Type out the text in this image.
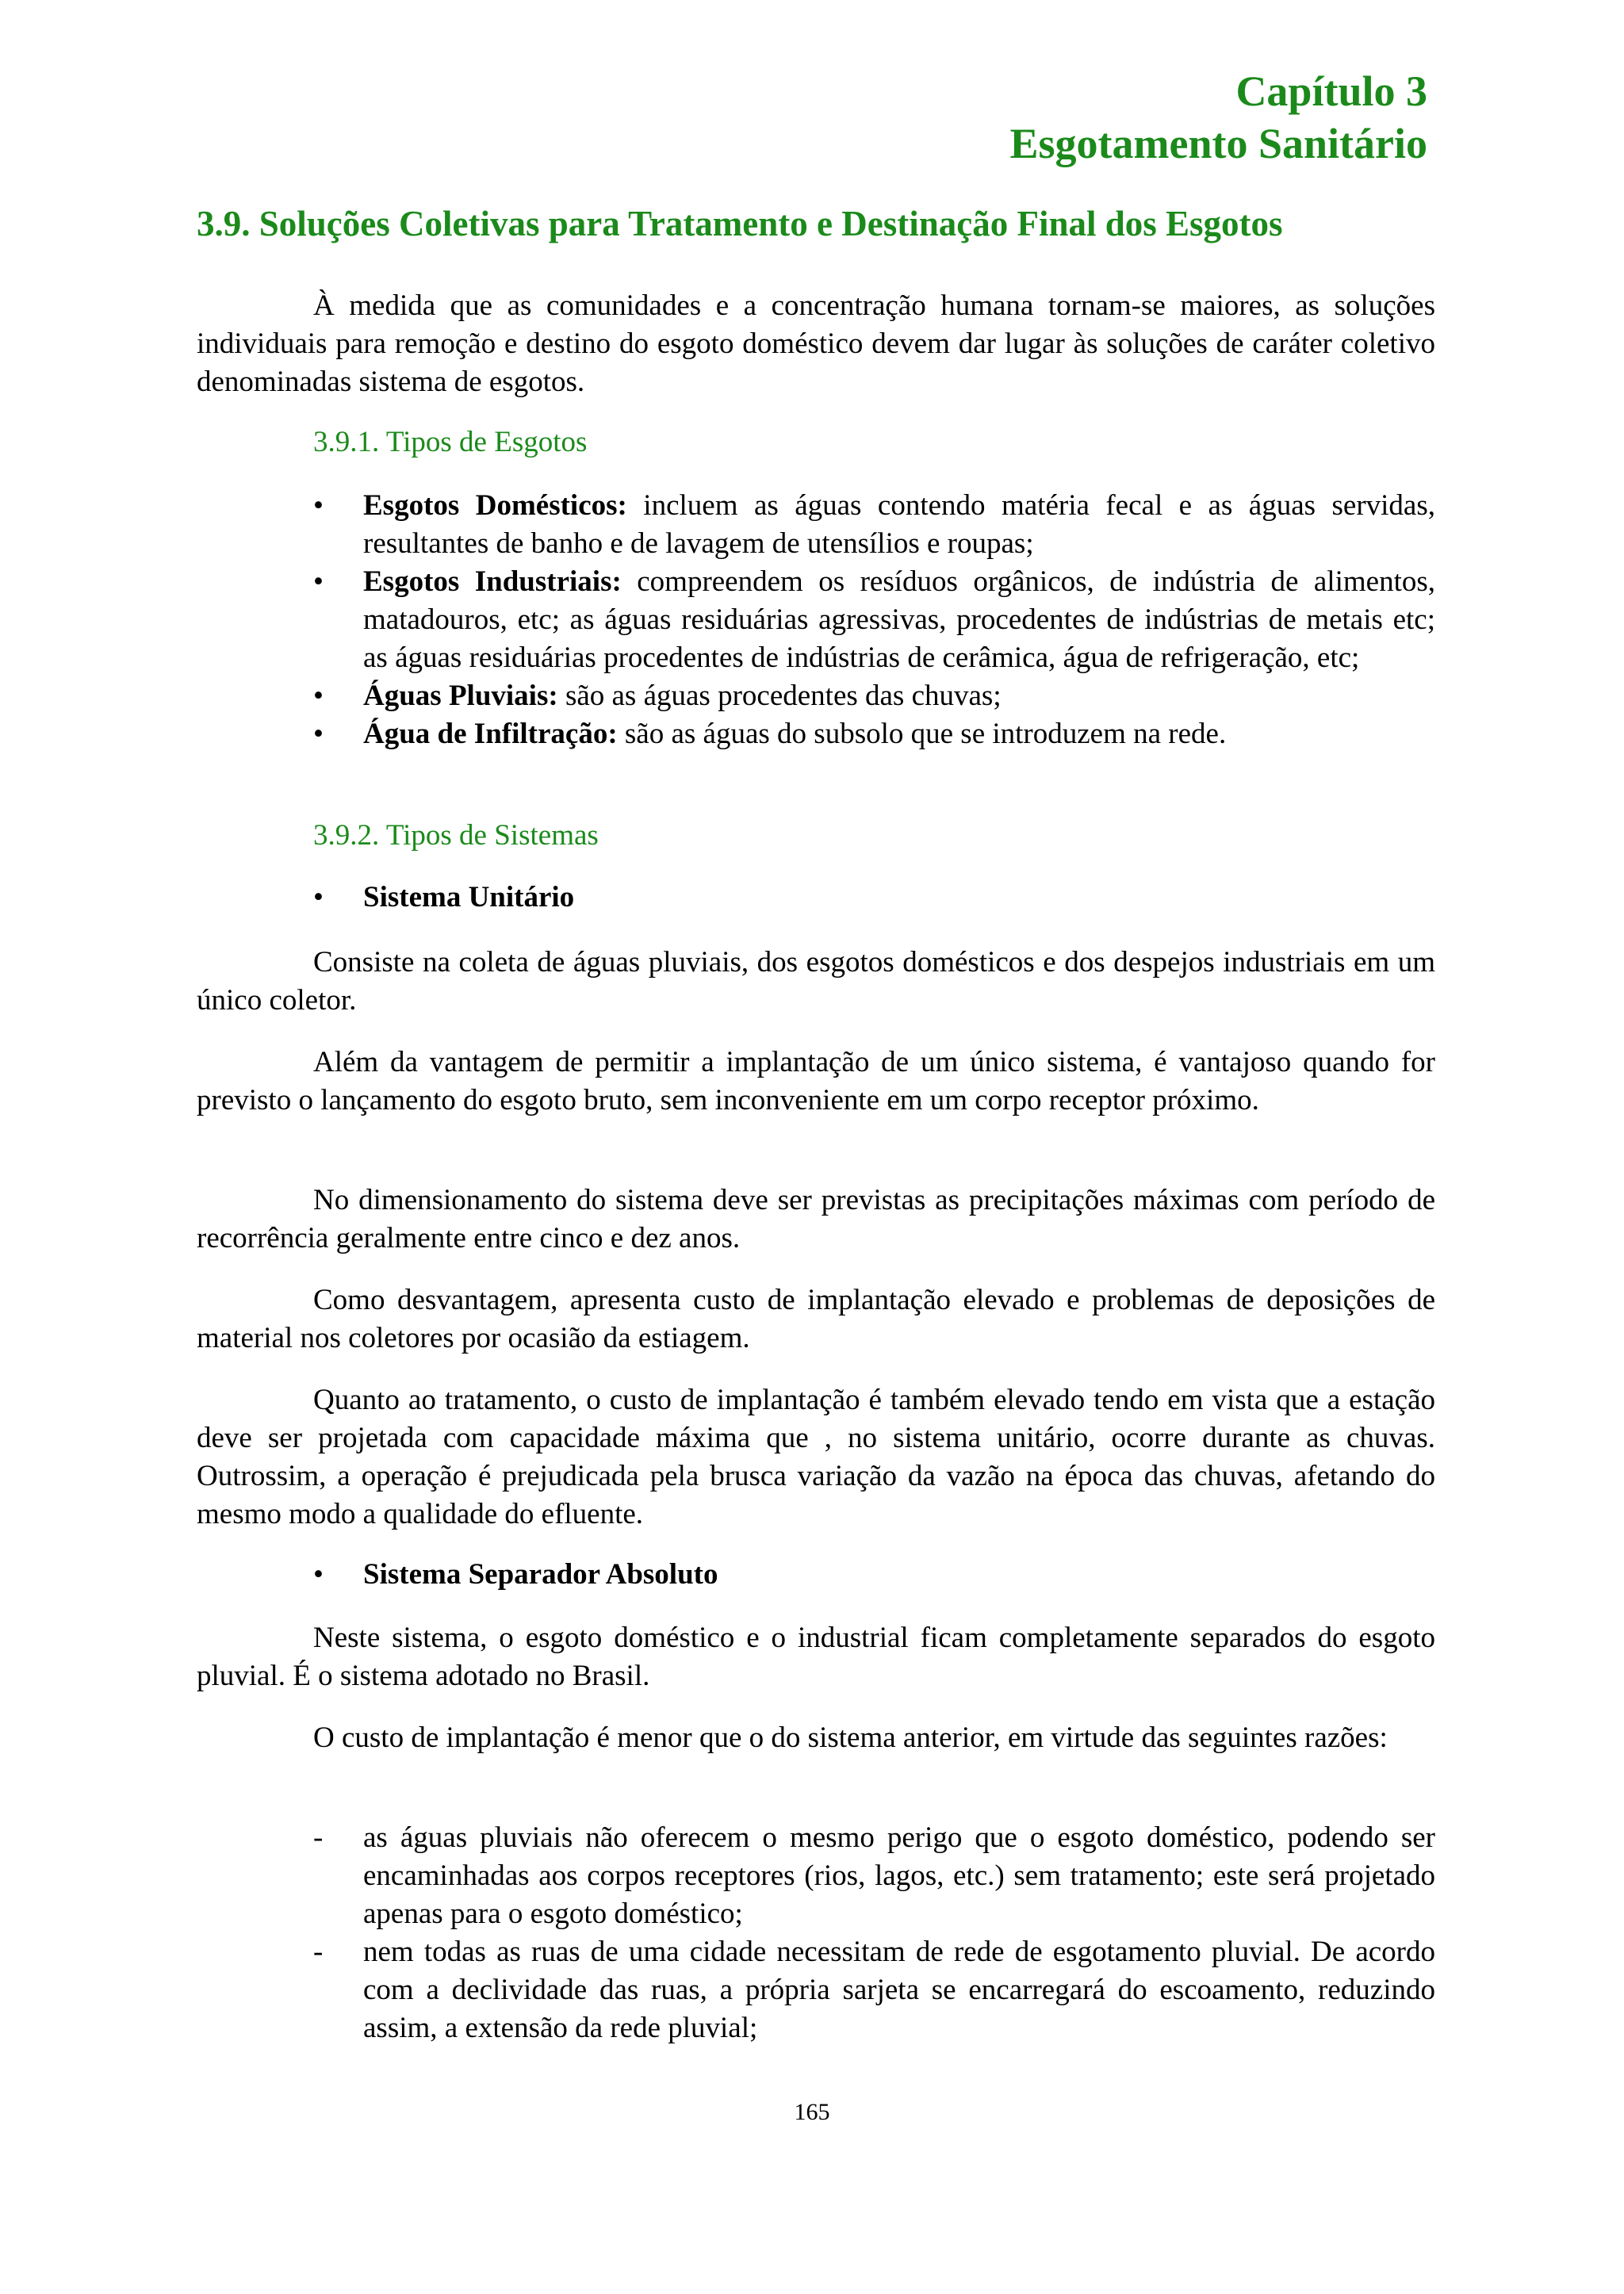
Capítulo 3
Esgotamento Sanitário
3.9. Soluções Coletivas para Tratamento e Destinação Final dos Esgotos

À medida que as comunidades e a concentração humana tornam-se maiores, as soluções individuais para remoção e destino do esgoto doméstico devem dar lugar às soluções de caráter coletivo denominadas sistema de esgotos.

3.9.1. Tipos de Esgotos
•	Esgotos Domésticos: incluem as águas contendo matéria fecal e as águas servidas, resultantes de banho e de lavagem de utensílios e roupas;
•	Esgotos Industriais: compreendem os resíduos orgânicos, de indústria de alimentos, matadouros, etc; as águas residuárias agressivas, procedentes de indústrias de metais etc; as águas residuárias procedentes de indústrias de cerâmica, água de refrigeração, etc;
•	Águas Pluviais: são as águas procedentes das chuvas;
•	Água de Infiltração: são as águas do subsolo que se introduzem na rede.
3.9.2. Tipos de Sistemas
•	Sistema Unitário

Consiste na coleta de águas pluviais, dos esgotos domésticos e dos despejos industriais em um único coletor.

Além da vantagem de permitir a implantação de um único sistema, é vantajoso quando for previsto o lançamento do esgoto bruto, sem inconveniente em um corpo receptor próximo.

No dimensionamento do sistema deve ser previstas as precipitações máximas com período de recorrência geralmente entre cinco e dez anos.

Como desvantagem, apresenta custo de implantação elevado e problemas de deposições de material nos coletores por ocasião da estiagem.

Quanto ao tratamento, o custo de implantação é também elevado tendo em vista que a estação deve ser projetada com capacidade máxima que , no sistema unitário, ocorre durante as chuvas. Outrossim, a operação é prejudicada pela brusca variação da vazão na época das chuvas, afetando do mesmo modo a qualidade do efluente.

•	Sistema Separador Absoluto

Neste sistema, o esgoto doméstico e o industrial ficam completamente separados do esgoto pluvial. É o sistema adotado no Brasil.

O custo de implantação é menor que o do sistema anterior, em virtude das seguintes razões:

-	as águas pluviais não oferecem o mesmo perigo que o esgoto doméstico, podendo ser encaminhadas aos corpos receptores (rios, lagos, etc.) sem tratamento; este será projetado apenas para o esgoto doméstico;
-	nem todas as ruas de uma cidade necessitam de rede de esgotamento pluvial. De acordo com a declividade das ruas, a própria sarjeta se encarregará do escoamento, reduzindo assim, a extensão da rede pluvial;
165
